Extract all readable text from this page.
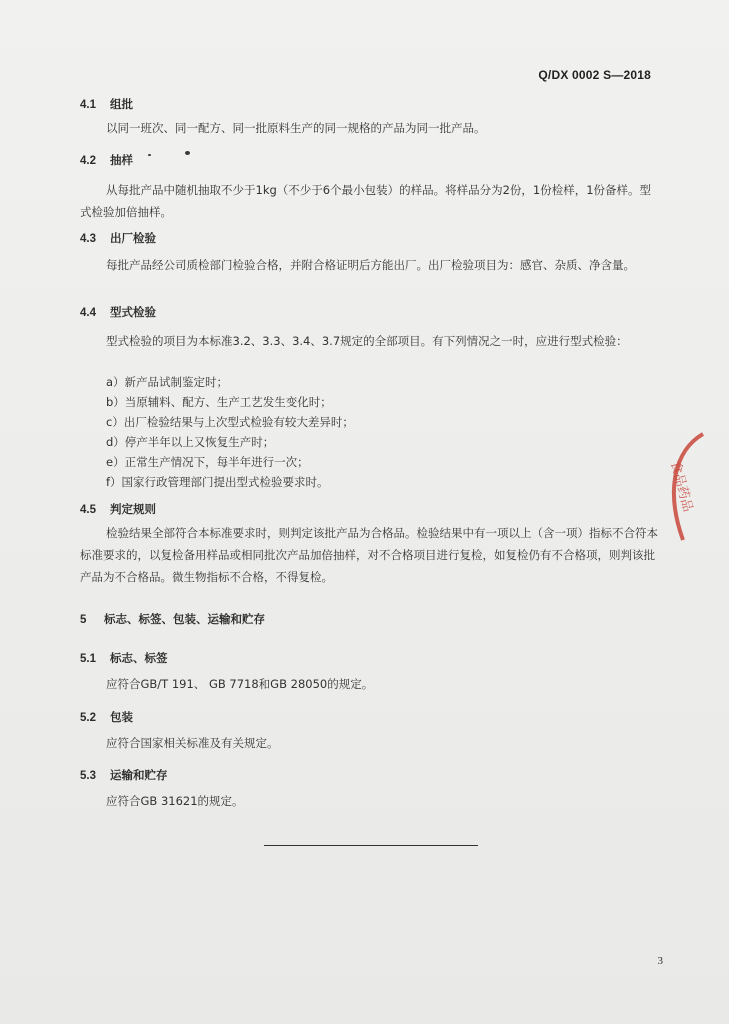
Q/DX 0002 S—2018
4.1 组批
以同一班次、同一配方、同一批原料生产的同一规格的产品为同一批产品。
4.2 抽样
从每批产品中随机抽取不少于1kg（不少于6个最小包装）的样品。将样品分为2份，1份检样，1份备样。型式检验加倍抽样。
4.3 出厂检验
每批产品经公司质检部门检验合格，并附合格证明后方能出厂。出厂检验项目为：感官、杂质、净含量。
4.4 型式检验
型式检验的项目为本标准3.2、3.3、3.4、3.7规定的全部项目。有下列情况之一时，应进行型式检验：
a）新产品试制鉴定时；
b）当原辅料、配方、生产工艺发生变化时；
c）出厂检验结果与上次型式检验有较大差异时；
d）停产半年以上又恢复生产时；
e）正常生产情况下，每半年进行一次；
f）国家行政管理部门提出型式检验要求时。
4.5 判定规则
检验结果全部符合本标准要求时，则判定该批产品为合格品。检验结果中有一项以上（含一项）指标不合符本标准要求的，以复检备用样品或相同批次产品加倍抽样，对不合格项目进行复检，如复检仍有不合格项，则判该批产品为不合格品。微生物指标不合格，不得复检。
5 标志、标签、包装、运输和贮存
5.1 标志、标签
应符合GB/T 191、 GB 7718和GB 28050的规定。
5.2 包装
应符合国家相关标准及有关规定。
5.3 运输和贮存
应符合GB 31621的规定。
食品药品
3
